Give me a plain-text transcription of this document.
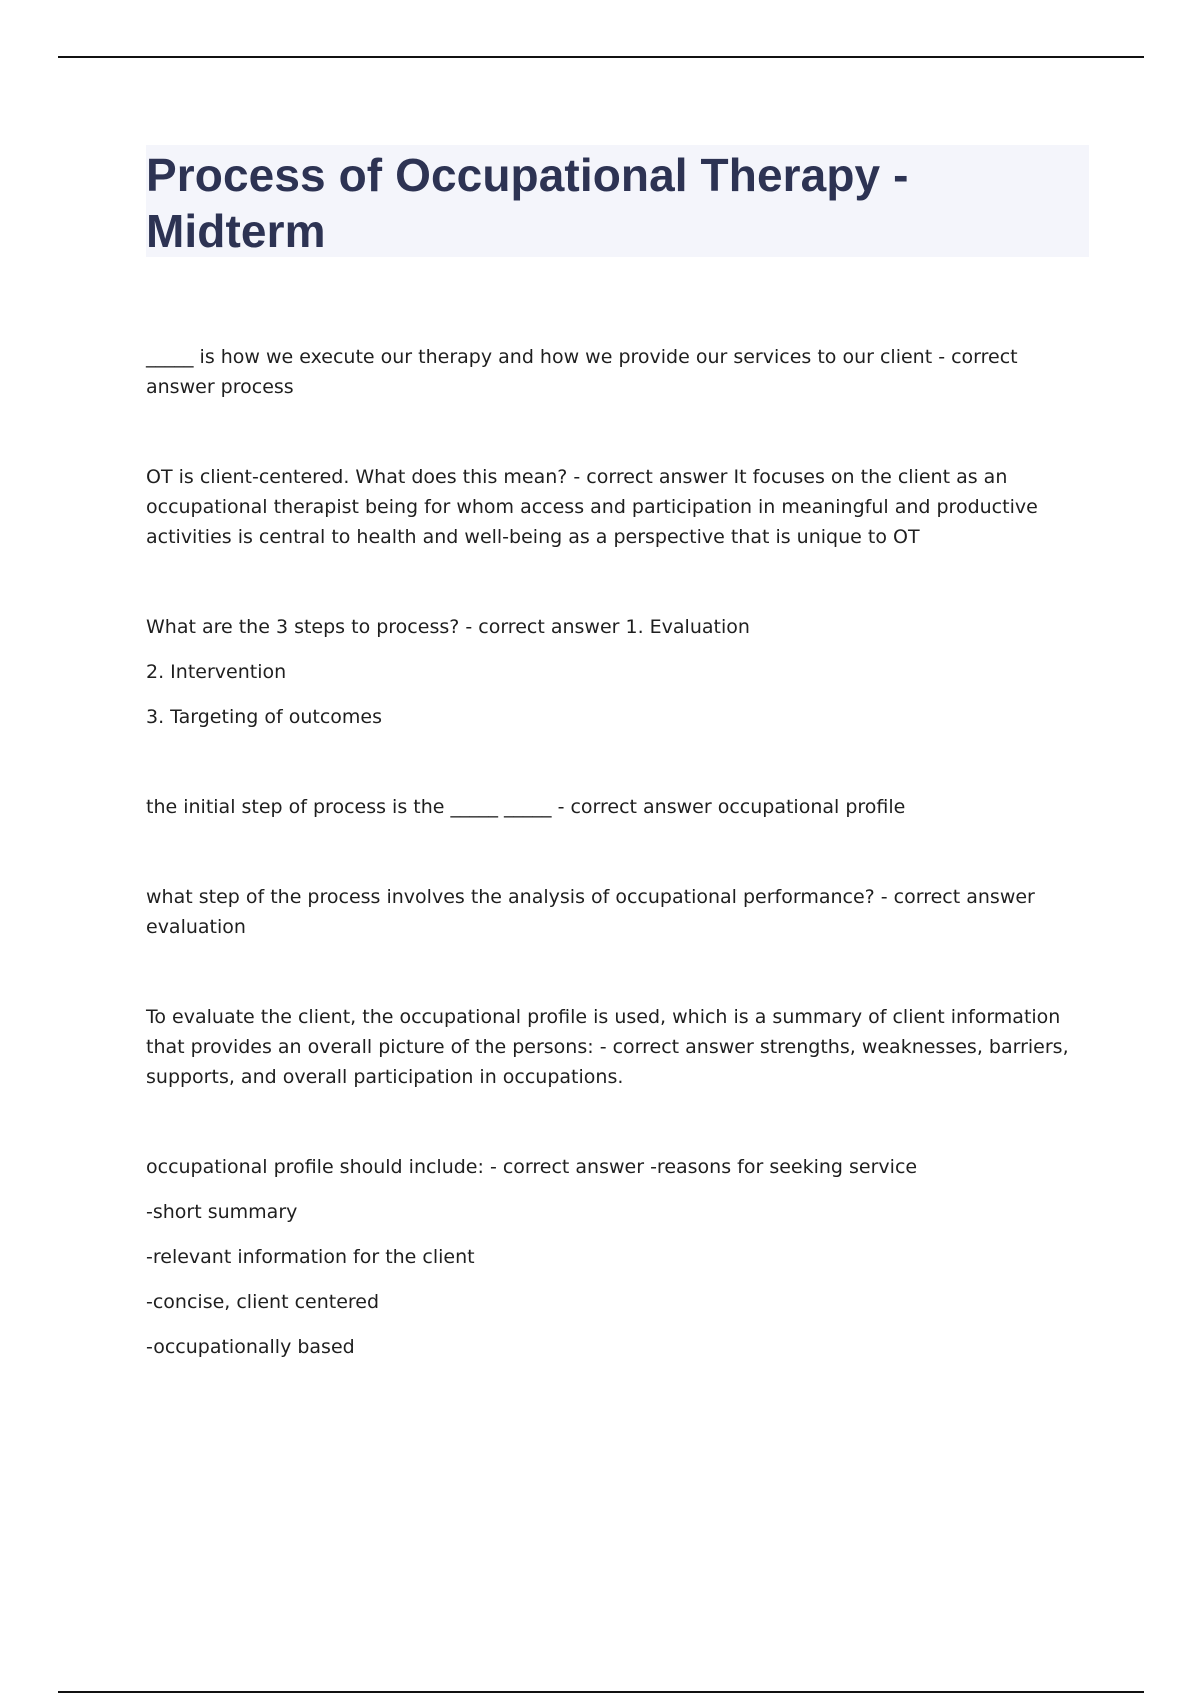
Process of Occupational Therapy - Midterm

_____ is how we execute our therapy and how we provide our services to our client - correct answer process

OT is client-centered. What does this mean? - correct answer It focuses on the client as an occupational therapist being for whom access and participation in meaningful and productive activities is central to health and well-being as a perspective that is unique to OT

What are the 3 steps to process? - correct answer 1. Evaluation

2. Intervention

3. Targeting of outcomes

the initial step of process is the _____ _____ - correct answer occupational profile

what step of the process involves the analysis of occupational performance? - correct answer evaluation

To evaluate the client, the occupational profile is used, which is a summary of client information that provides an overall picture of the persons: - correct answer strengths, weaknesses, barriers, supports, and overall participation in occupations.

occupational profile should include: - correct answer -reasons for seeking service

-short summary

-relevant information for the client

-concise, client centered

-occupationally based
